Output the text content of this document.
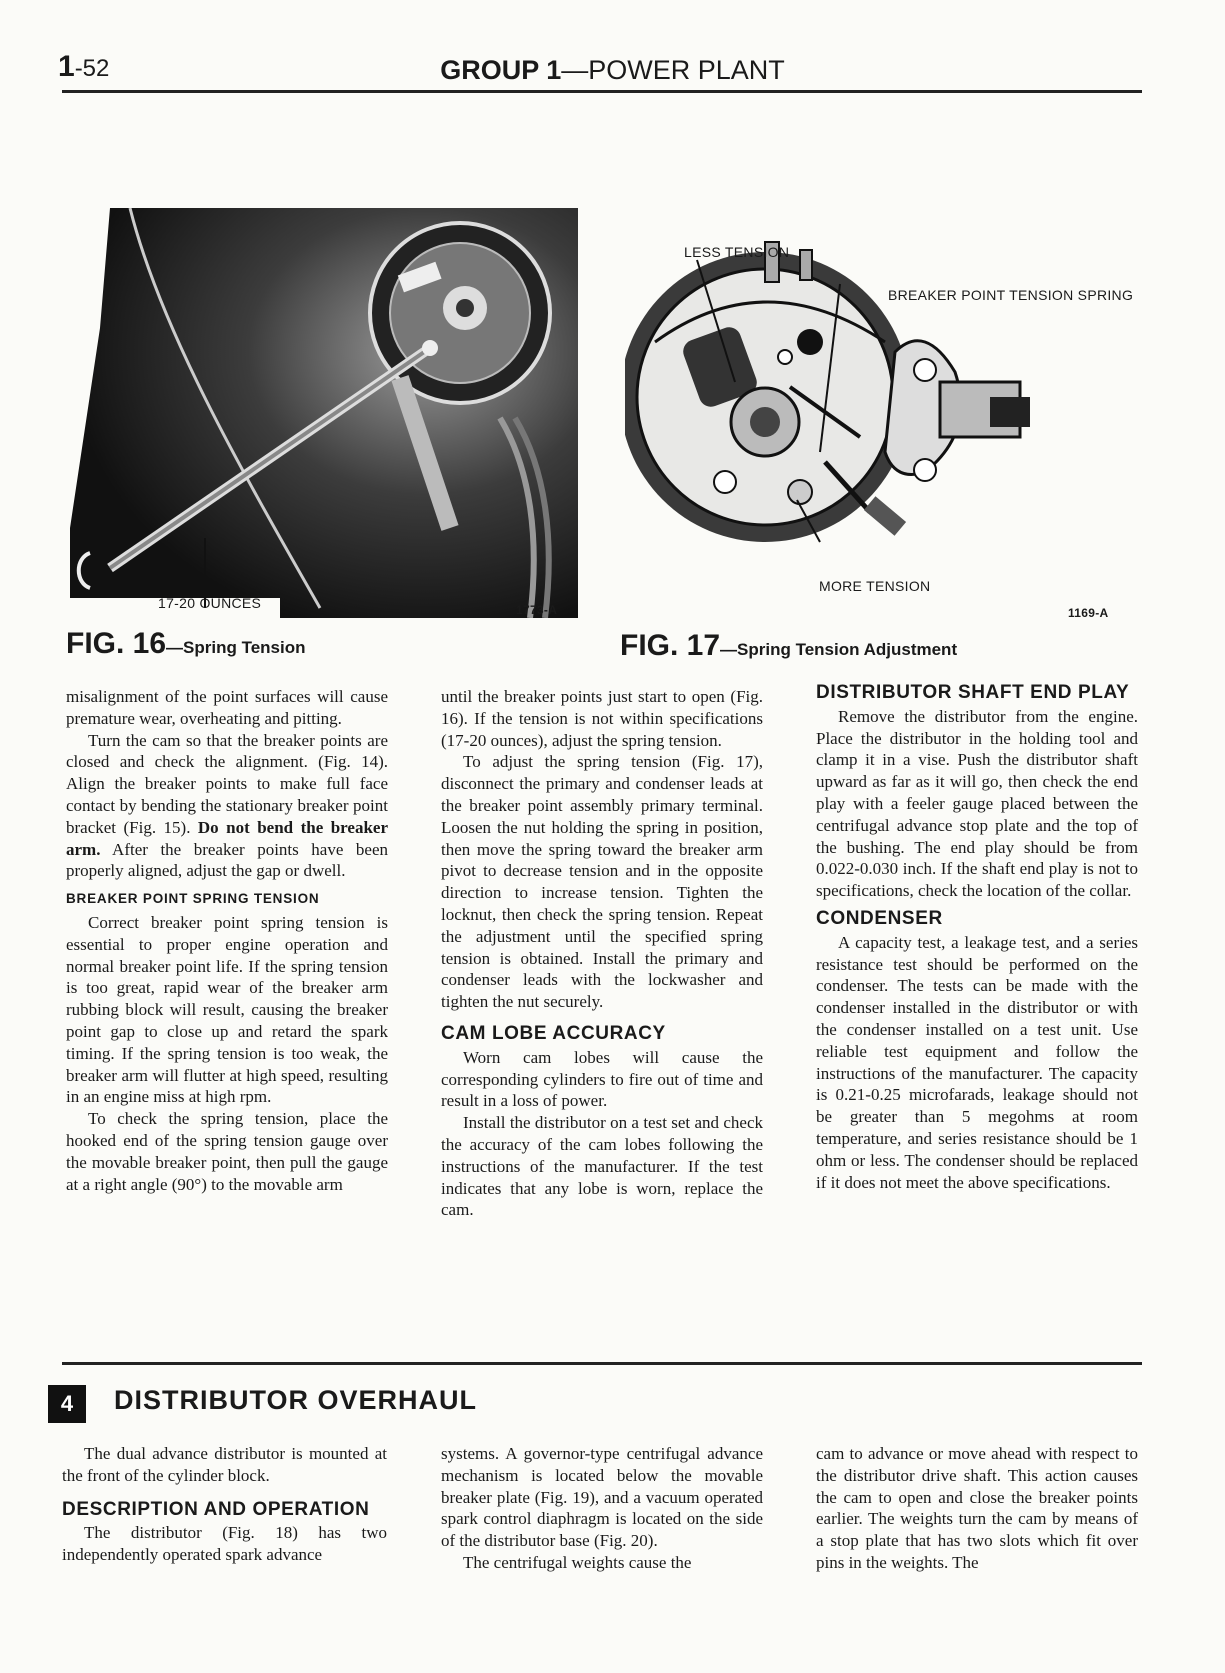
1-52	GROUP 1—POWER PLANT
17-20 OUNCES	1773-A
FIG. 16—Spring Tension
LESS TENSION
BREAKER POINT TENSION SPRING
MORE TENSION
1169-A
FIG. 17—Spring Tension Adjustment

misalignment of the point surfaces will cause premature wear, overheating and pitting.

Turn the cam so that the breaker points are closed and check the alignment. (Fig. 14). Align the breaker points to make full face contact by bending the stationary breaker point bracket (Fig. 15). Do not bend the breaker arm. After the breaker points have been properly aligned, adjust the gap or dwell.

BREAKER POINT SPRING TENSION

Correct breaker point spring tension is essential to proper engine operation and normal breaker point life. If the spring tension is too great, rapid wear of the breaker arm rubbing block will result, causing the breaker point gap to close up and retard the spark timing. If the spring tension is too weak, the breaker arm will flutter at high speed, resulting in an engine miss at high rpm.

To check the spring tension, place the hooked end of the spring tension gauge over the movable breaker point, then pull the gauge at a right angle (90°) to the movable arm

until the breaker points just start to open (Fig. 16). If the tension is not within specifications (17-20 ounces), adjust the spring tension.

To adjust the spring tension (Fig. 17), disconnect the primary and condenser leads at the breaker point assembly primary terminal. Loosen the nut holding the spring in position, then move the spring toward the breaker arm pivot to decrease tension and in the opposite direction to increase tension. Tighten the locknut, then check the spring tension. Repeat the adjustment until the specified spring tension is obtained. Install the primary and condenser leads with the lockwasher and tighten the nut securely.

CAM LOBE ACCURACY

Worn cam lobes will cause the corresponding cylinders to fire out of time and result in a loss of power.

Install the distributor on a test set and check the accuracy of the cam lobes following the instructions of the manufacturer. If the test indicates that any lobe is worn, replace the cam.

DISTRIBUTOR SHAFT END PLAY

Remove the distributor from the engine. Place the distributor in the holding tool and clamp it in a vise. Push the distributor shaft upward as far as it will go, then check the end play with a feeler gauge placed between the centrifugal advance stop plate and the top of the bushing. The end play should be from 0.022-0.030 inch. If the shaft end play is not to specifications, check the location of the collar.

CONDENSER

A capacity test, a leakage test, and a series resistance test should be performed on the condenser. The tests can be made with the condenser installed in the distributor or with the condenser installed on a test unit. Use reliable test equipment and follow the instructions of the manufacturer. The capacity is 0.21-0.25 microfarads, leakage should not be greater than 5 megohms at room temperature, and series resistance should be 1 ohm or less. The condenser should be replaced if it does not meet the above specifications.

4	DISTRIBUTOR OVERHAUL

The dual advance distributor is mounted at the front of the cylinder block.

DESCRIPTION AND OPERATION

The distributor (Fig. 18) has two independently operated spark advance

systems. A governor-type centrifugal advance mechanism is located below the movable breaker plate (Fig. 19), and a vacuum operated spark control diaphragm is located on the side of the distributor base (Fig. 20).

The centrifugal weights cause the

cam to advance or move ahead with respect to the distributor drive shaft. This action causes the cam to open and close the breaker points earlier. The weights turn the cam by means of a stop plate that has two slots which fit over pins in the weights. The
